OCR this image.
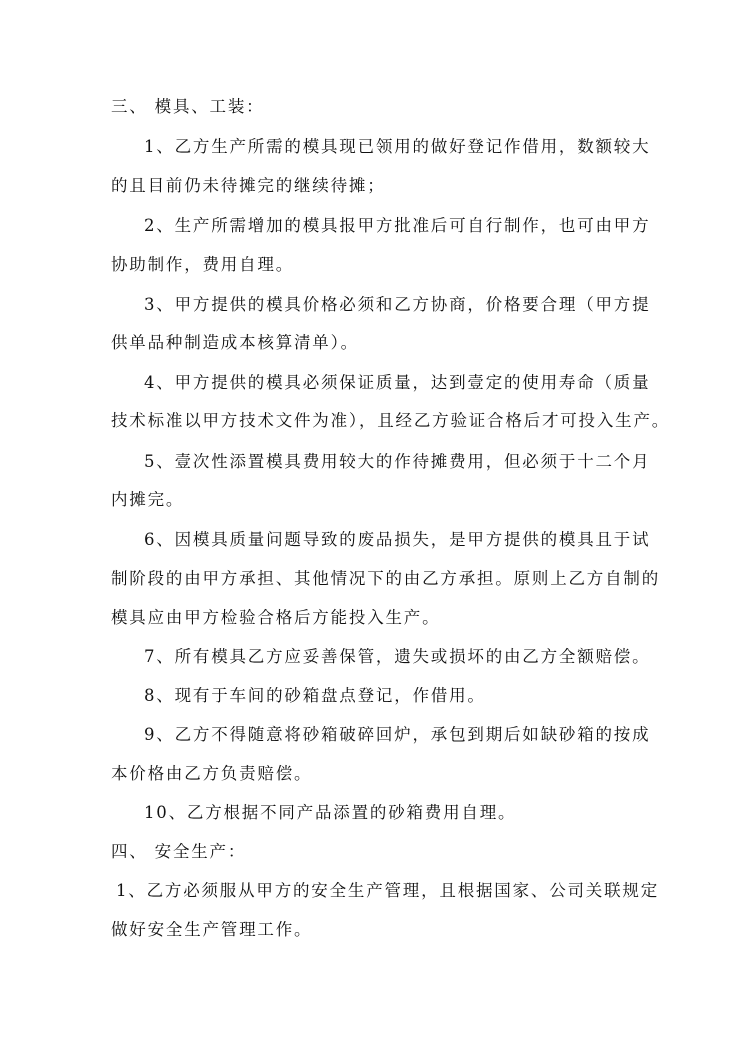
三、 模具、工装：
1、乙方生产所需的模具现已领用的做好登记作借用，数额较大
的且目前仍未待摊完的继续待摊；
2、生产所需增加的模具报甲方批准后可自行制作，也可由甲方
协助制作，费用自理。
3、甲方提供的模具价格必须和乙方协商，价格要合理（甲方提
供单品种制造成本核算清单）。
4、甲方提供的模具必须保证质量，达到壹定的使用寿命（质量
技术标准以甲方技术文件为准），且经乙方验证合格后才可投入生产。
5、壹次性添置模具费用较大的作待摊费用，但必须于十二个月
内摊完。
6、因模具质量问题导致的废品损失，是甲方提供的模具且于试
制阶段的由甲方承担、其他情况下的由乙方承担。原则上乙方自制的
模具应由甲方检验合格后方能投入生产。
7、所有模具乙方应妥善保管，遗失或损坏的由乙方全额赔偿。
8、现有于车间的砂箱盘点登记，作借用。
9、乙方不得随意将砂箱破碎回炉，承包到期后如缺砂箱的按成
本价格由乙方负责赔偿。
10、乙方根据不同产品添置的砂箱费用自理。
四、 安全生产：
1、乙方必须服从甲方的安全生产管理，且根据国家、公司关联规定
做好安全生产管理工作。
